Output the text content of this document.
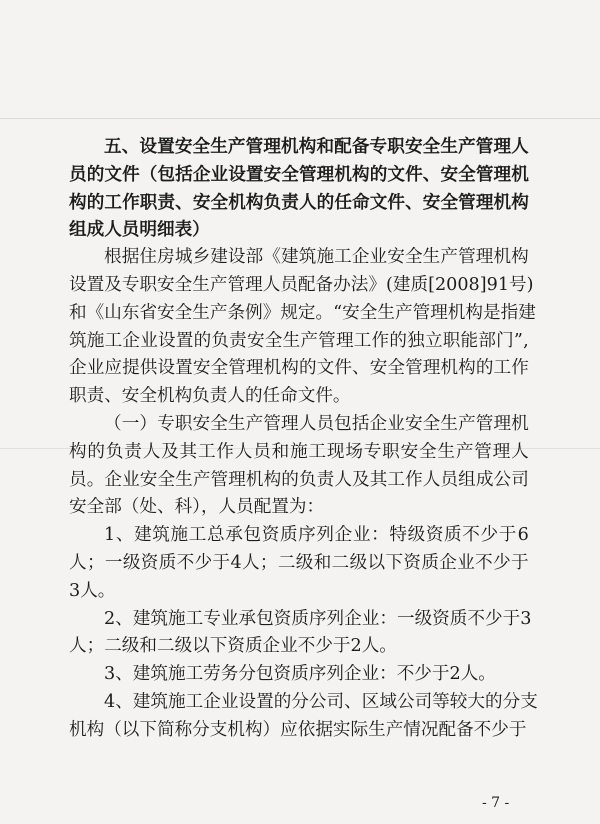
五 、 设 置 安 全 生 产 管 理 机 构 和 配 备 专 职 安 全 生 产 管 理 人
员 的 文 件 （ 包 括 企 业 设 置 安 全 管 理 机 构 的 文 件 、 安 全 管 理 机
构 的 工 作 职 责 、 安 全 机 构 负 责 人 的 任 命 文 件 、 安 全 管 理 机 构
组成人员明细表）
根 据 住 房 城 乡 建 设 部 《 建 筑 施 工 企 业 安 全 生 产 管 理 机 构
设 置 及 专 职 安 全 生 产 管 理 人 员 配 备 办 法 》 ( 建 质 [ 2 0 0 8 ] 9 1 号 )
和 《 山 东 省 安 全 生 产 条 例 》 规 定 。 “ 安 全 生 产 管 理 机 构 是 指 建
筑 施 工 企 业 设 置 的 负 责 安 全 生 产 管 理 工 作 的 独 立 职 能 部 门 ” ,
企 业 应 提 供 设 置 安 全 管 理 机 构 的 文 件 、 安 全 管 理 机 构 的 工 作
职责、安全机构负责人的任命文件。
（ 一 ） 专 职 安 全 生 产 管 理 人 员 包 括 企 业 安 全 生 产 管 理 机
构 的 负 责 人 及 其 工 作 人 员 和 施 工 现 场 专 职 安 全 生 产 管 理 人
员 。 企 业 安 全 生 产 管 理 机 构 的 负 责 人 及 其 工 作 人 员 组 成 公 司
安全部（处、科），人员配置为：
1 、 建 筑 施 工 总 承 包 资 质 序 列 企 业 ： 特 级 资 质 不 少 于 6
人 ； 一 级 资 质 不 少 于 4 人 ； 二 级 和 二 级 以 下 资 质 企 业 不 少 于
3人。
2 、 建 筑 施 工 专 业 承 包 资 质 序 列 企 业 ： 一 级 资 质 不 少 于 3
人；二级和二级以下资质企业不少于2人。
3、建筑施工劳务分包资质序列企业：不少于2人。
4 、 建 筑 施 工 企 业 设 置 的 分 公 司 、 区 域 公 司 等 较 大 的 分 支
机构（以下简称分支机构）应依据实际生产情况配备不少于
- 7 -
